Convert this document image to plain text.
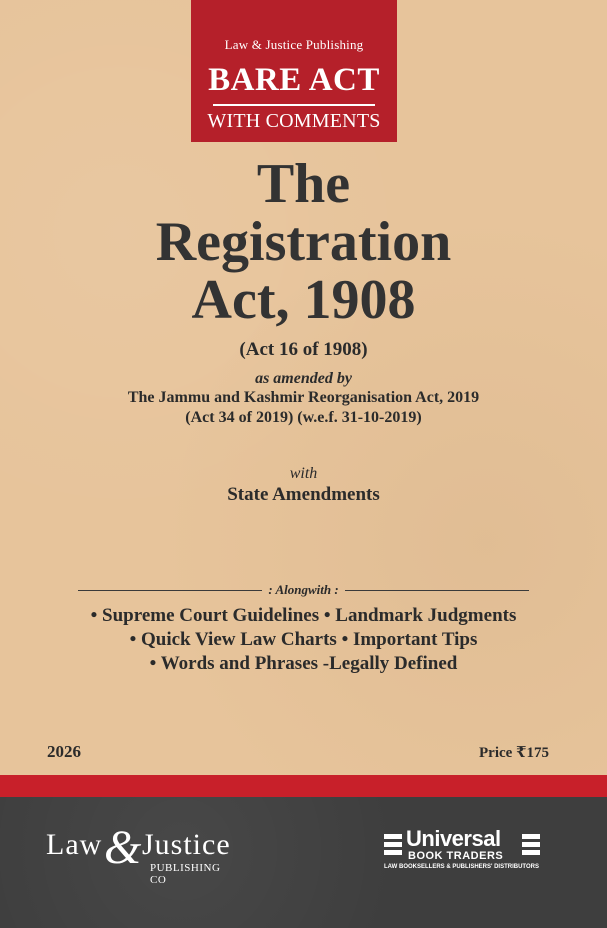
Law & Justice Publishing
BARE ACT
WITH COMMENTS
The
Registration
Act, 1908
(Act 16 of 1908)
as amended by
The Jammu and Kashmir Reorganisation Act, 2019
(Act 34 of 2019) (w.e.f. 31-10-2019)
with
State Amendments
: Alongwith :
• Supreme Court Guidelines • Landmark Judgments
• Quick View Law Charts • Important Tips
• Words and Phrases -Legally Defined
2026	Price ₹175
Law & Justice
PUBLISHING CO
Universal
BOOK TRADERS
LAW BOOKSELLERS & PUBLISHERS' DISTRIBUTORS
